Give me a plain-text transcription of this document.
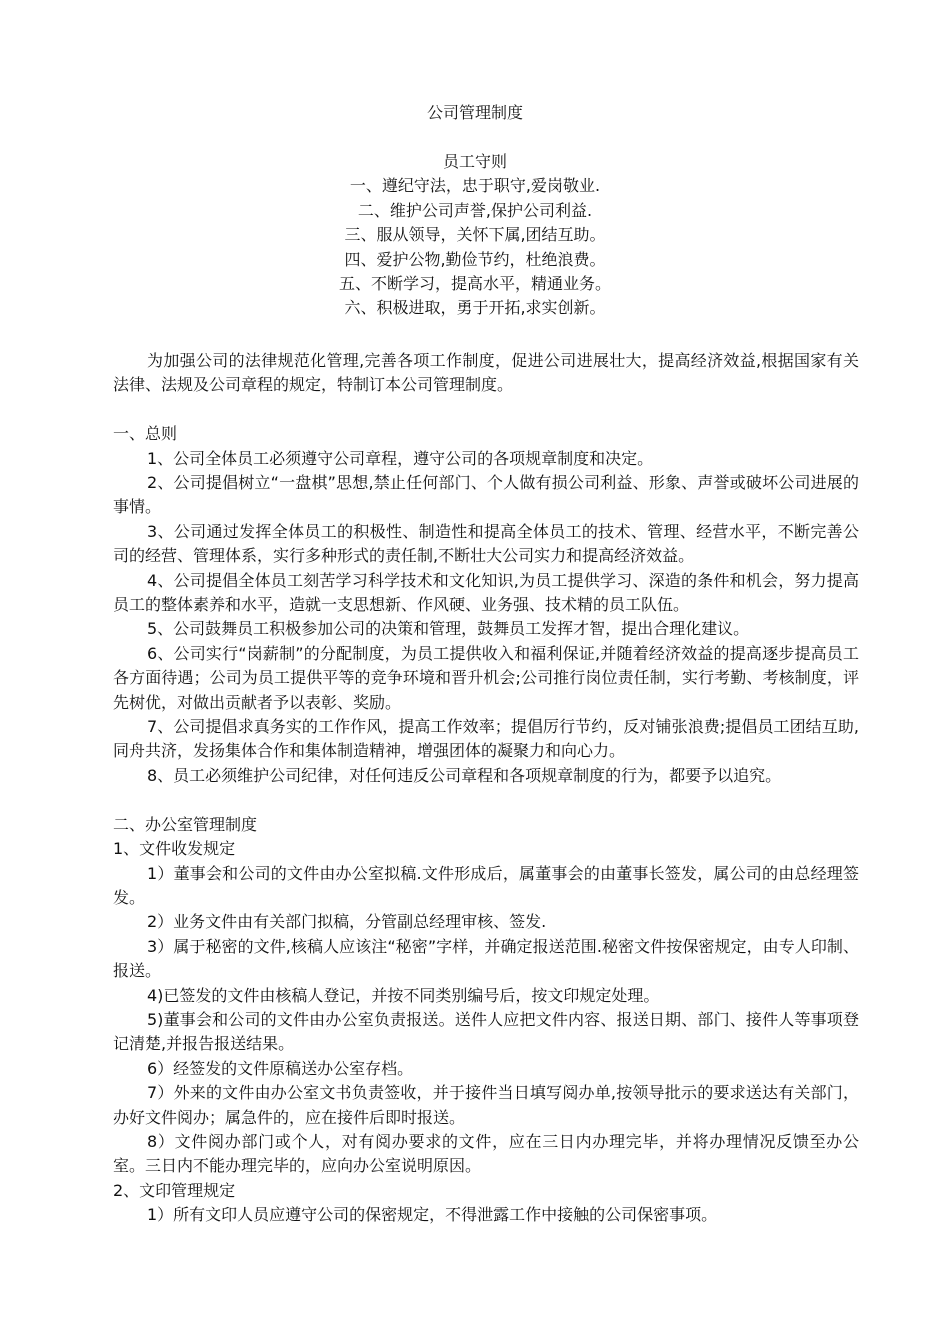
公司管理制度
员工守则
一、遵纪守法，忠于职守,爱岗敬业.
二、维护公司声誉,保护公司利益.
三、服从领导，关怀下属,团结互助。
四、爱护公物,勤俭节约，杜绝浪费。
五、不断学习，提高水平，精通业务。
六、积极进取，勇于开拓,求实创新。
为加强公司的法律规范化管理,完善各项工作制度，促进公司进展壮大，提高经济效益,根据国家有关法律、法规及公司章程的规定，特制订本公司管理制度。
一、总则
1、公司全体员工必须遵守公司章程，遵守公司的各项规章制度和决定。
2、公司提倡树立“一盘棋”思想,禁止任何部门、个人做有损公司利益、形象、声誉或破坏公司进展的事情。
3、公司通过发挥全体员工的积极性、制造性和提高全体员工的技术、管理、经营水平，不断完善公司的经营、管理体系，实行多种形式的责任制,不断壮大公司实力和提高经济效益。
4、公司提倡全体员工刻苦学习科学技术和文化知识,为员工提供学习、深造的条件和机会，努力提高员工的整体素养和水平，造就一支思想新、作风硬、业务强、技术精的员工队伍。
5、公司鼓舞员工积极参加公司的决策和管理，鼓舞员工发挥才智，提出合理化建议。
6、公司实行“岗薪制”的分配制度，为员工提供收入和福利保证,并随着经济效益的提高逐步提高员工各方面待遇；公司为员工提供平等的竞争环境和晋升机会;公司推行岗位责任制，实行考勤、考核制度，评先树优，对做出贡献者予以表彰、奖励。
7、公司提倡求真务实的工作作风，提高工作效率；提倡厉行节约，反对铺张浪费;提倡员工团结互助,同舟共济，发扬集体合作和集体制造精神，增强团体的凝聚力和向心力。
8、员工必须维护公司纪律，对任何违反公司章程和各项规章制度的行为，都要予以追究。
二、办公室管理制度
1、文件收发规定
1）董事会和公司的文件由办公室拟稿.文件形成后，属董事会的由董事长签发，属公司的由总经理签发。
2）业务文件由有关部门拟稿，分管副总经理审核、签发.
3）属于秘密的文件,核稿人应该注“秘密”字样，并确定报送范围.秘密文件按保密规定，由专人印制、报送。
4)已签发的文件由核稿人登记，并按不同类别编号后，按文印规定处理。
5)董事会和公司的文件由办公室负责报送。送件人应把文件内容、报送日期、部门、接件人等事项登记清楚,并报告报送结果。
6）经签发的文件原稿送办公室存档。
7）外来的文件由办公室文书负责签收，并于接件当日填写阅办单,按领导批示的要求送达有关部门，办好文件阅办；属急件的，应在接件后即时报送。
8）文件阅办部门或个人，对有阅办要求的文件，应在三日内办理完毕，并将办理情况反馈至办公室。三日内不能办理完毕的，应向办公室说明原因。
2、文印管理规定
1）所有文印人员应遵守公司的保密规定，不得泄露工作中接触的公司保密事项。
